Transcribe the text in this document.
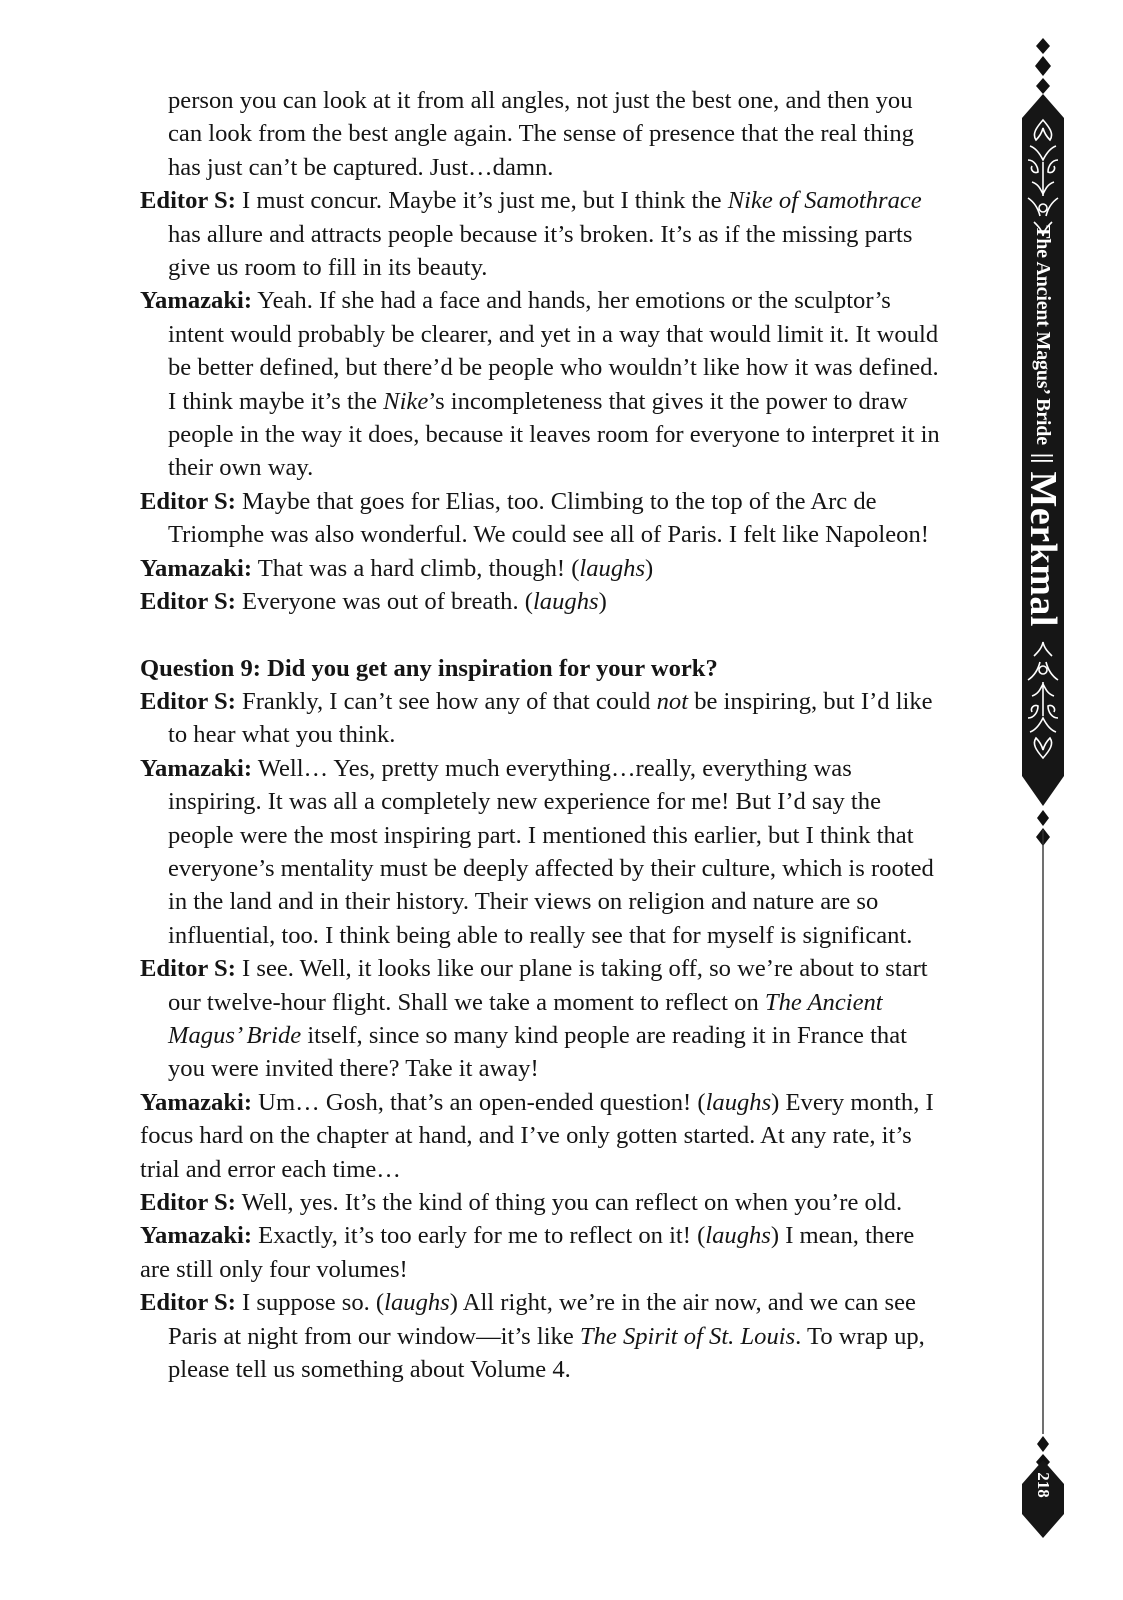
person you can look at it from all angles, not just the best one, and then you can look from the best angle again. The sense of presence that the real thing has just can’t be captured. Just…damn.

Editor S: I must concur. Maybe it’s just me, but I think the Nike of Samothrace has allure and attracts people because it’s broken. It’s as if the missing parts give us room to fill in its beauty.

Yamazaki: Yeah. If she had a face and hands, her emotions or the sculptor’s intent would probably be clearer, and yet in a way that would limit it. It would be better defined, but there’d be people who wouldn’t like how it was defined. I think maybe it’s the Nike’s incompleteness that gives it the power to draw people in the way it does, because it leaves room for everyone to interpret it in their own way.

Editor S: Maybe that goes for Elias, too. Climbing to the top of the Arc de Triomphe was also wonderful. We could see all of Paris. I felt like Napoleon!

Yamazaki: That was a hard climb, though! (laughs)

Editor S: Everyone was out of breath. (laughs)

Question 9: Did you get any inspiration for your work?

Editor S: Frankly, I can’t see how any of that could not be inspiring, but I’d like to hear what you think.

Yamazaki: Well… Yes, pretty much everything…really, everything was inspiring. It was all a completely new experience for me! But I’d say the people were the most inspiring part. I mentioned this earlier, but I think that everyone’s mentality must be deeply affected by their culture, which is rooted in the land and in their history. Their views on religion and nature are so influential, too. I think being able to really see that for myself is significant.

Editor S: I see. Well, it looks like our plane is taking off, so we’re about to start our twelve-hour flight. Shall we take a moment to reflect on The Ancient Magus’ Bride itself, since so many kind people are reading it in France that you were invited there? Take it away!

Yamazaki: Um… Gosh, that’s an open-ended question! (laughs) Every month, I focus hard on the chapter at hand, and I’ve only gotten started. At any rate, it’s trial and error each time…

Editor S: Well, yes. It’s the kind of thing you can reflect on when you’re old.

Yamazaki: Exactly, it’s too early for me to reflect on it! (laughs) I mean, there are still only four volumes!

Editor S: I suppose so. (laughs) All right, we’re in the air now, and we can see Paris at night from our window—it’s like The Spirit of St. Louis. To wrap up, please tell us something about Volume 4.

The Ancient Magus’ Bride
||
Merkmal
218
